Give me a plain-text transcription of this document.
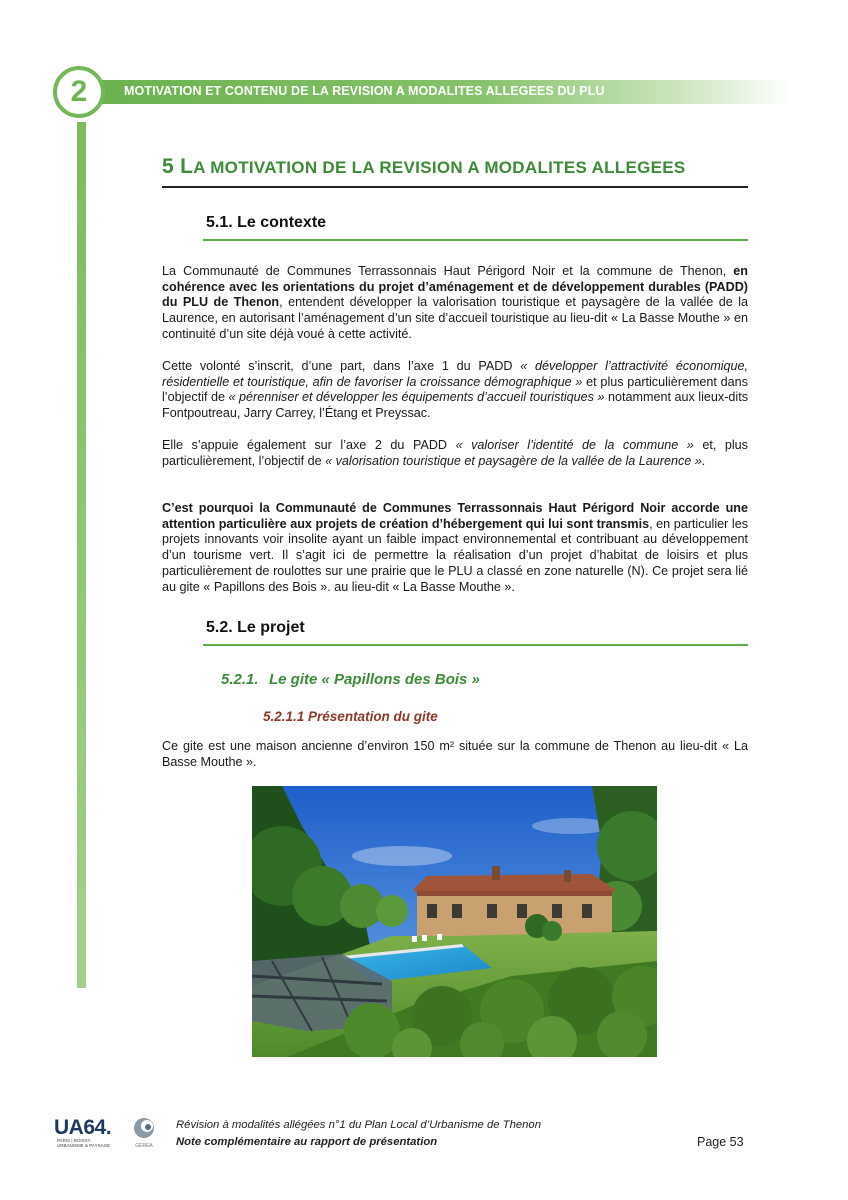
MOTIVATION ET CONTENU DE LA REVISION A MODALITES ALLEGEES DU PLU
2
5 LA MOTIVATION DE LA REVISION A MODALITES ALLEGEES
5.1. Le contexte

La Communauté de Communes Terrassonnais Haut Périgord Noir et la commune de Thenon, en cohérence avec les orientations du projet d’aménagement et de développement durables (PADD) du PLU de Thenon, entendent développer la valorisation touristique et paysagère de la vallée de la Laurence, en autorisant l’aménagement d’un site d’accueil touristique au lieu-dit « La Basse Mouthe » en continuité d’un site déjà voué à cette activité.

Cette volonté s’inscrit, d’une part, dans l’axe 1 du PADD « développer l’attractivité économique, résidentielle et touristique, afin de favoriser la croissance démographique » et plus particulièrement dans l’objectif de « pérenniser et développer les équipements d’accueil touristiques » notamment aux lieux-dits Fontpoutreau, Jarry Carrey, l’Étang et Preyssac.

Elle s’appuie également sur l’axe 2 du PADD « valoriser l’identité de la commune » et, plus particulièrement, l’objectif de « valorisation touristique et paysagère de la vallée de la Laurence ».

C’est pourquoi la Communauté de Communes Terrassonnais Haut Périgord Noir accorde une attention particulière aux projets de création d’hébergement qui lui sont transmis, en particulier les projets innovants voir insolite ayant un faible impact environnemental et contribuant au développement d’un tourisme vert. Il s’agit ici de permettre la réalisation d’un projet d’habitat de loisirs et plus particulièrement de roulottes sur une prairie que le PLU a classé en zone naturelle (N). Ce projet sera lié au gite « Papillons des Bois ». au lieu-dit « La Basse Mouthe ».

5.2. Le projet
5.2.1. Le gite « Papillons des Bois »
5.2.1.1 Présentation du gite

Ce gite est une maison ancienne d’environ 150 m² située sur la commune de Thenon au lieu-dit « La Basse Mouthe ».

UA64.
PARIS | BOISSY
URBANISME & PAYSAGE	GEREA
Révision à modalités allégées n°1 du Plan Local d’Urbanisme de Thenon
Note complémentaire au rapport de présentation	Page 53
